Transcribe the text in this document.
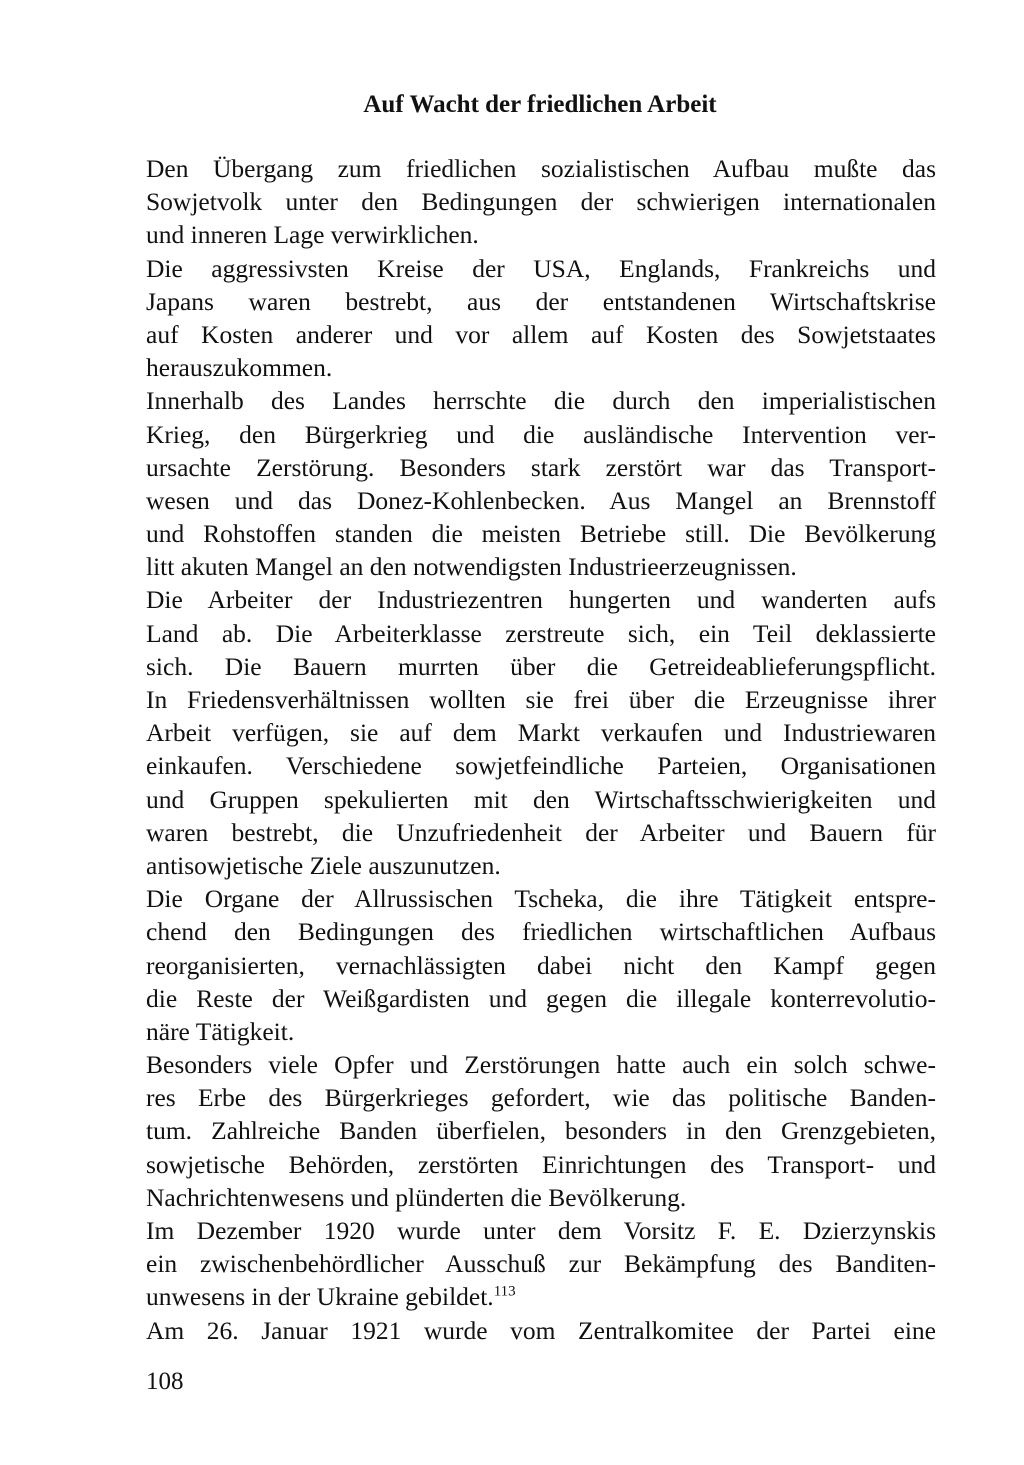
Auf Wacht der friedlichen Arbeit
Den Übergang zum friedlichen sozialistischen Aufbau mußte das
Sowjetvolk unter den Bedingungen der schwierigen internationalen
und inneren Lage verwirklichen.
Die aggressivsten Kreise der USA, Englands, Frankreichs und
Japans waren bestrebt, aus der entstandenen Wirtschaftskrise
auf Kosten anderer und vor allem auf Kosten des Sowjetstaates
herauszukommen.
Innerhalb des Landes herrschte die durch den imperialistischen
Krieg, den Bürgerkrieg und die ausländische Intervention ver-
ursachte Zerstörung. Besonders stark zerstört war das Transport-
wesen und das Donez-Kohlenbecken. Aus Mangel an Brennstoff
und Rohstoffen standen die meisten Betriebe still. Die Bevölkerung
litt akuten Mangel an den notwendigsten Industrieerzeugnissen.
Die Arbeiter der Industriezentren hungerten und wanderten aufs
Land ab. Die Arbeiterklasse zerstreute sich, ein Teil deklassierte
sich. Die Bauern murrten über die Getreideablieferungspflicht.
In Friedensverhältnissen wollten sie frei über die Erzeugnisse ihrer
Arbeit verfügen, sie auf dem Markt verkaufen und Industriewaren
einkaufen. Verschiedene sowjetfeindliche Parteien, Organisationen
und Gruppen spekulierten mit den Wirtschaftsschwierigkeiten und
waren bestrebt, die Unzufriedenheit der Arbeiter und Bauern für
antisowjetische Ziele auszunutzen.
Die Organe der Allrussischen Tscheka, die ihre Tätigkeit entspre-
chend den Bedingungen des friedlichen wirtschaftlichen Aufbaus
reorganisierten, vernachlässigten dabei nicht den Kampf gegen
die Reste der Weißgardisten und gegen die illegale konterrevolutio-
näre Tätigkeit.
Besonders viele Opfer und Zerstörungen hatte auch ein solch schwe-
res Erbe des Bürgerkrieges gefordert, wie das politische Banden-
tum. Zahlreiche Banden überfielen, besonders in den Grenzgebieten,
sowjetische Behörden, zerstörten Einrichtungen des Transport- und
Nachrichtenwesens und plünderten die Bevölkerung.
Im Dezember 1920 wurde unter dem Vorsitz F. E. Dzierzynskis
ein zwischenbehördlicher Ausschuß zur Bekämpfung des Banditen-
unwesens in der Ukraine gebildet.$^{113}$
Am 26. Januar 1921 wurde vom Zentralkomitee der Partei eine
108
